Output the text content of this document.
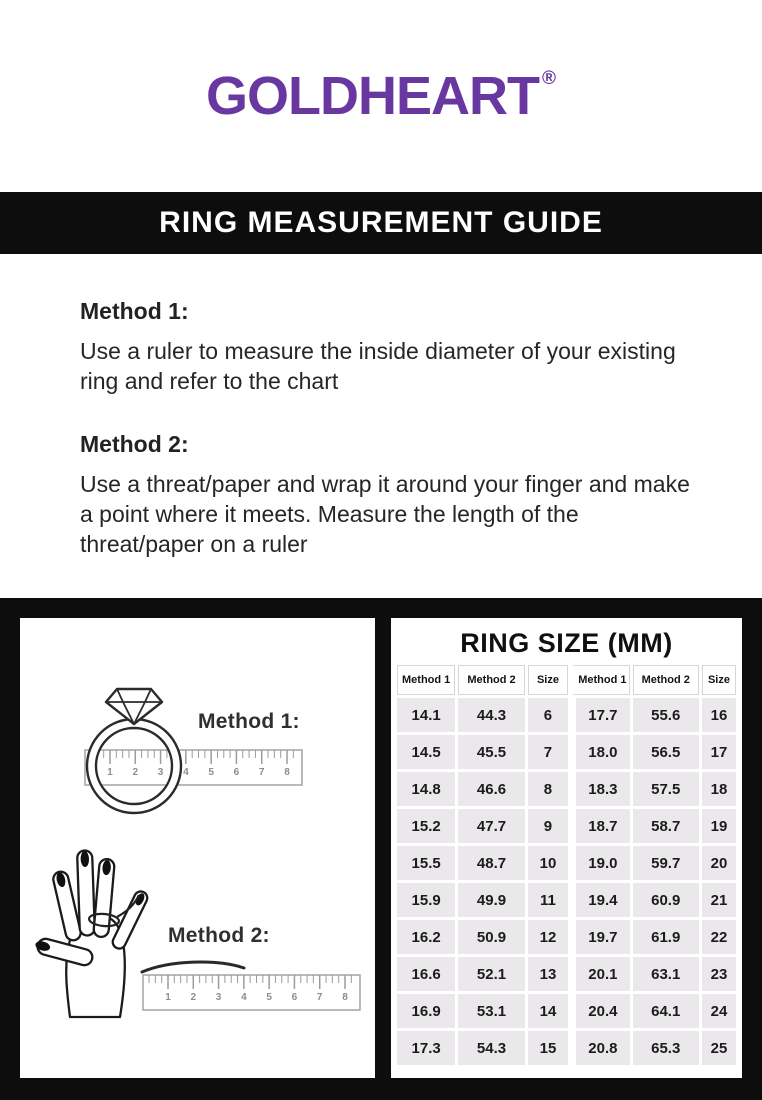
GOLDHEART ®
RING MEASUREMENT GUIDE
Method 1:

Use a ruler to measure the inside diameter of your existing ring and refer to the chart

Method 2:

Use a threat/paper and wrap it around your finger and make a point where it meets. Measure the length of the threat/paper on a ruler

1 2 3 4 5 6 7 8
1 2 3 4 5 6 7 8
Method 1:
Method 2:
RING SIZE (MM)
Method 1	Method 2	Size	Method 1	Method 2	Size
14.1	44.3	6	17.7	55.6	16
14.5	45.5	7	18.0	56.5	17
14.8	46.6	8	18.3	57.5	18
15.2	47.7	9	18.7	58.7	19
15.5	48.7	10	19.0	59.7	20
15.9	49.9	11	19.4	60.9	21
16.2	50.9	12	19.7	61.9	22
16.6	52.1	13	20.1	63.1	23
16.9	53.1	14	20.4	64.1	24
17.3	54.3	15	20.8	65.3	25
